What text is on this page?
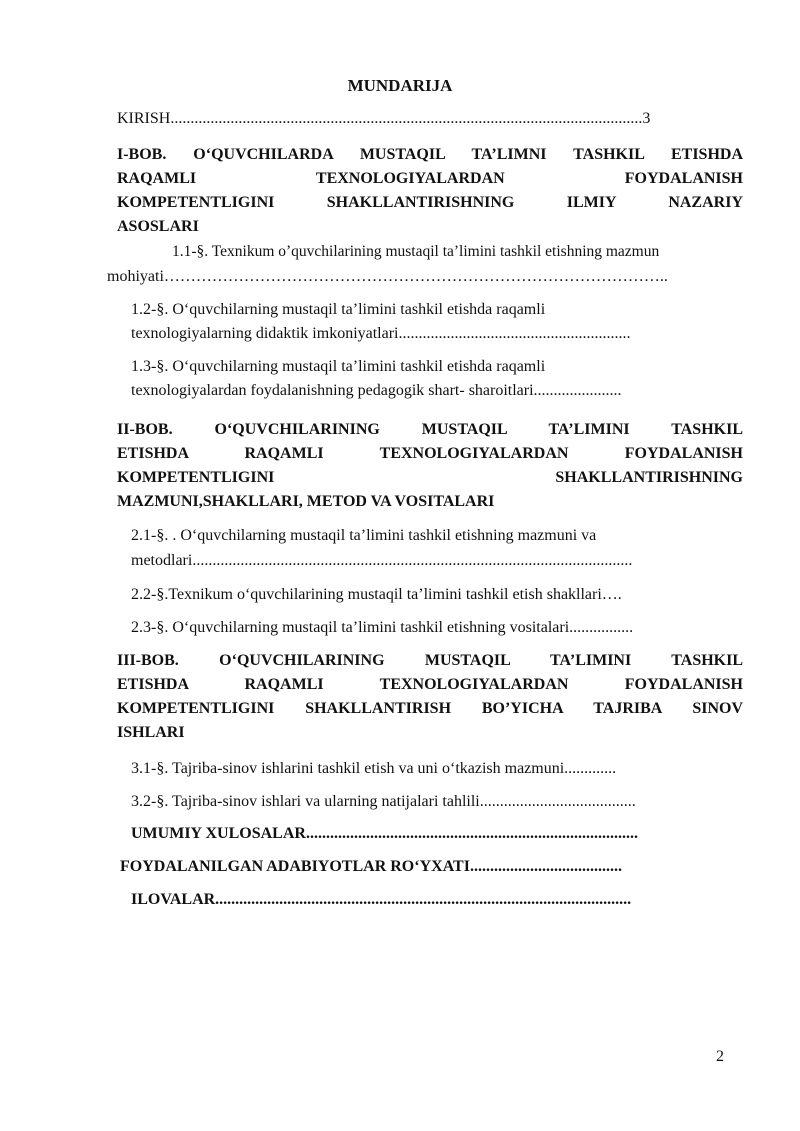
MUNDARIJA
KIRISH......................................................................................................................3
I-BOB. O‘QUVCHILARDA MUSTAQIL TA’LIMNI TASHKIL ETISHDA
RAQAMLI TEXNOLOGIYALARDAN FOYDALANISH
KOMPETENTLIGINI SHAKLLANTIRISHNING ILMIY NAZARIY
ASOSLARI
1.1-§. Texnikum o’quvchilarining mustaqil ta’limini tashkil etishning mazmun
mohiyati…………………………………………………………………………………..
1.2-§. O‘quvchilarning mustaqil ta’limini tashkil etishda raqamli
texnologiyalarning didaktik imkoniyatlari..........................................................
1.3-§. O‘quvchilarning mustaqil ta’limini tashkil etishda raqamli
texnologiyalardan foydalanishning pedagogik shart- sharoitlari......................
II-BOB. O‘QUVCHILARINING MUSTAQIL TA’LIMINI TASHKIL
ETISHDA RAQAMLI TEXNOLOGIYALARDAN FOYDALANISH
KOMPETENTLIGINI SHAKLLANTIRISHNING
MAZMUNI,SHAKLLARI, METOD VA VOSITALARI
2.1-§. . O‘quvchilarning mustaqil ta’limini tashkil etishning mazmuni va
metodlari..............................................................................................................
2.2-§.Texnikum o‘quvchilarining mustaqil ta’limini tashkil etish shakllari….
2.3-§. O‘quvchilarning mustaqil ta’limini tashkil etishning vositalari................
III-BOB. O‘QUVCHILARINING MUSTAQIL TA’LIMINI TASHKIL
ETISHDA RAQAMLI TEXNOLOGIYALARDAN FOYDALANISH
KOMPETENTLIGINI SHAKLLANTIRISH BO’YICHA TAJRIBA SINOV
ISHLARI
3.1-§. Tajriba-sinov ishlarini tashkil etish va uni o‘tkazish mazmuni.............
3.2-§. Tajriba-sinov ishlari va ularning natijalari tahlili.......................................
UMUMIY XULOSALAR...................................................................................
FOYDALANILGAN ADABIYOTLAR RO‘YXATI......................................
ILOVALAR........................................................................................................
2
